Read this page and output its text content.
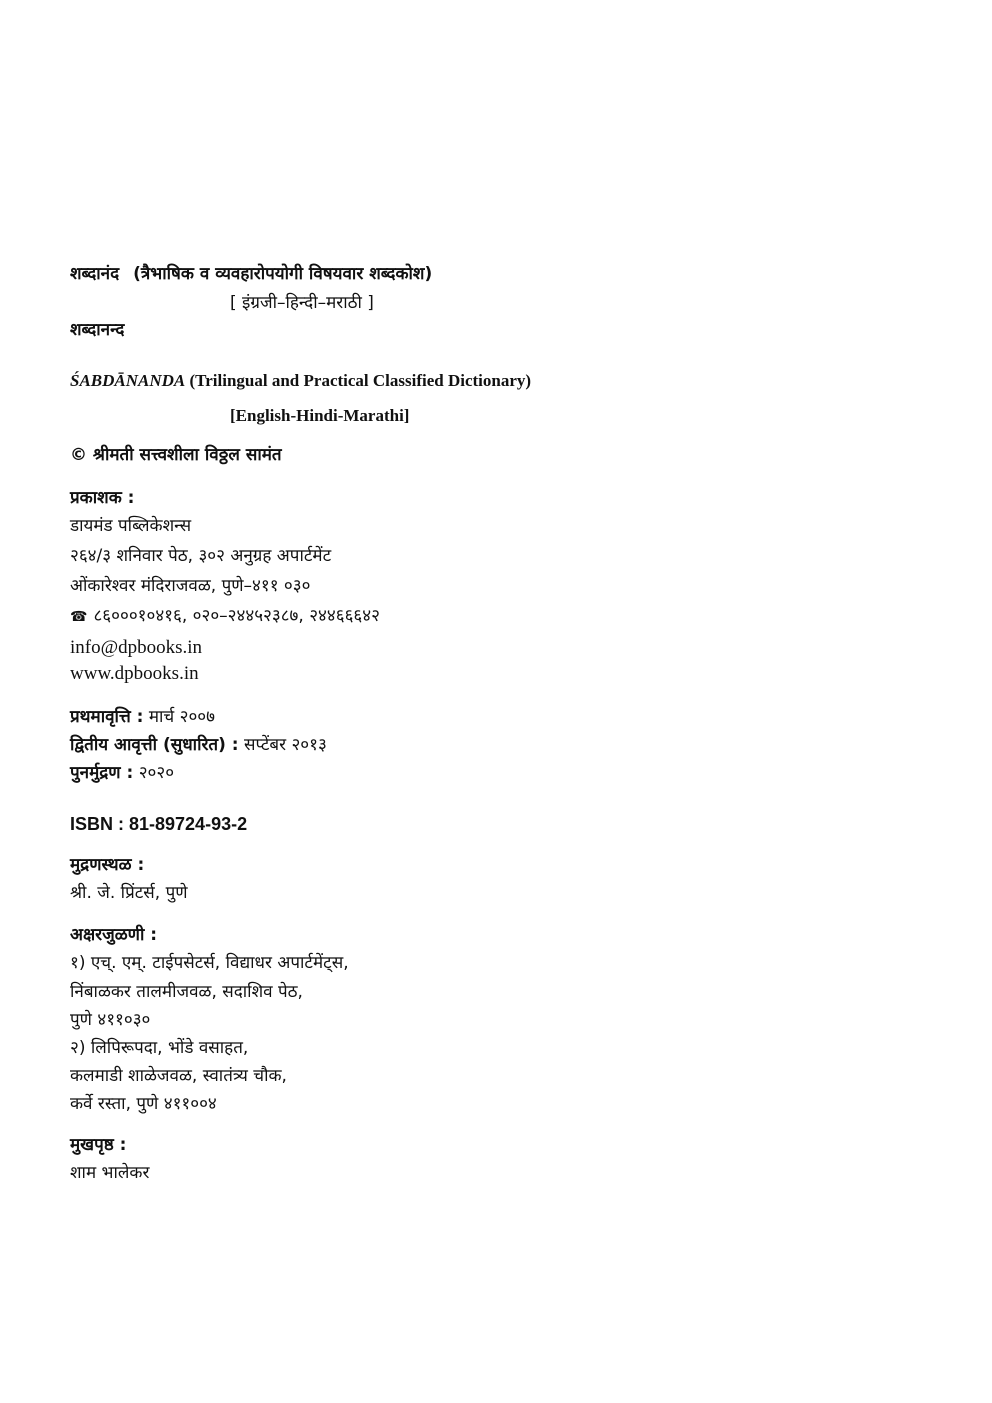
शब्दानंद (त्रैभाषिक व व्यवहारोपयोगी विषयवार शब्दकोश)
[ इंग्रजी–हिन्दी–मराठी ]
शब्दानन्द
ŚABDĀNANDA (Trilingual and Practical Classified Dictionary)
[English-Hindi-Marathi]
© श्रीमती सत्त्वशीला विठ्ठल सामंत
प्रकाशक :
डायमंड पब्लिकेशन्स
२६४/३ शनिवार पेठ, ३०२ अनुग्रह अपार्टमेंट
ओंकारेश्वर मंदिराजवळ, पुणे–४११ ०३०
☎ ८६०००१०४१६, ०२०–२४४५२३८७, २४४६६६४२
info@dpbooks.in
www.dpbooks.in
प्रथमावृत्ति : मार्च २००७
द्वितीय आवृत्ती (सुधारित) : सप्टेंबर २०१३
पुनर्मुद्रण : २०२०
ISBN : 81-89724-93-2
मुद्रणस्थळ :
श्री. जे. प्रिंटर्स, पुणे
अक्षरजुळणी :
१) एच्. एम्. टाईपसेटर्स, विद्याधर अपार्टमेंट्स,
निंबाळकर तालमीजवळ, सदाशिव पेठ,
पुणे ४११०३०
२) लिपिरूपदा, भोंडे वसाहत,
कलमाडी शाळेजवळ, स्वातंत्र्य चौक,
कर्वे रस्ता, पुणे ४११००४
मुखपृष्ठ :
शाम भालेकर
